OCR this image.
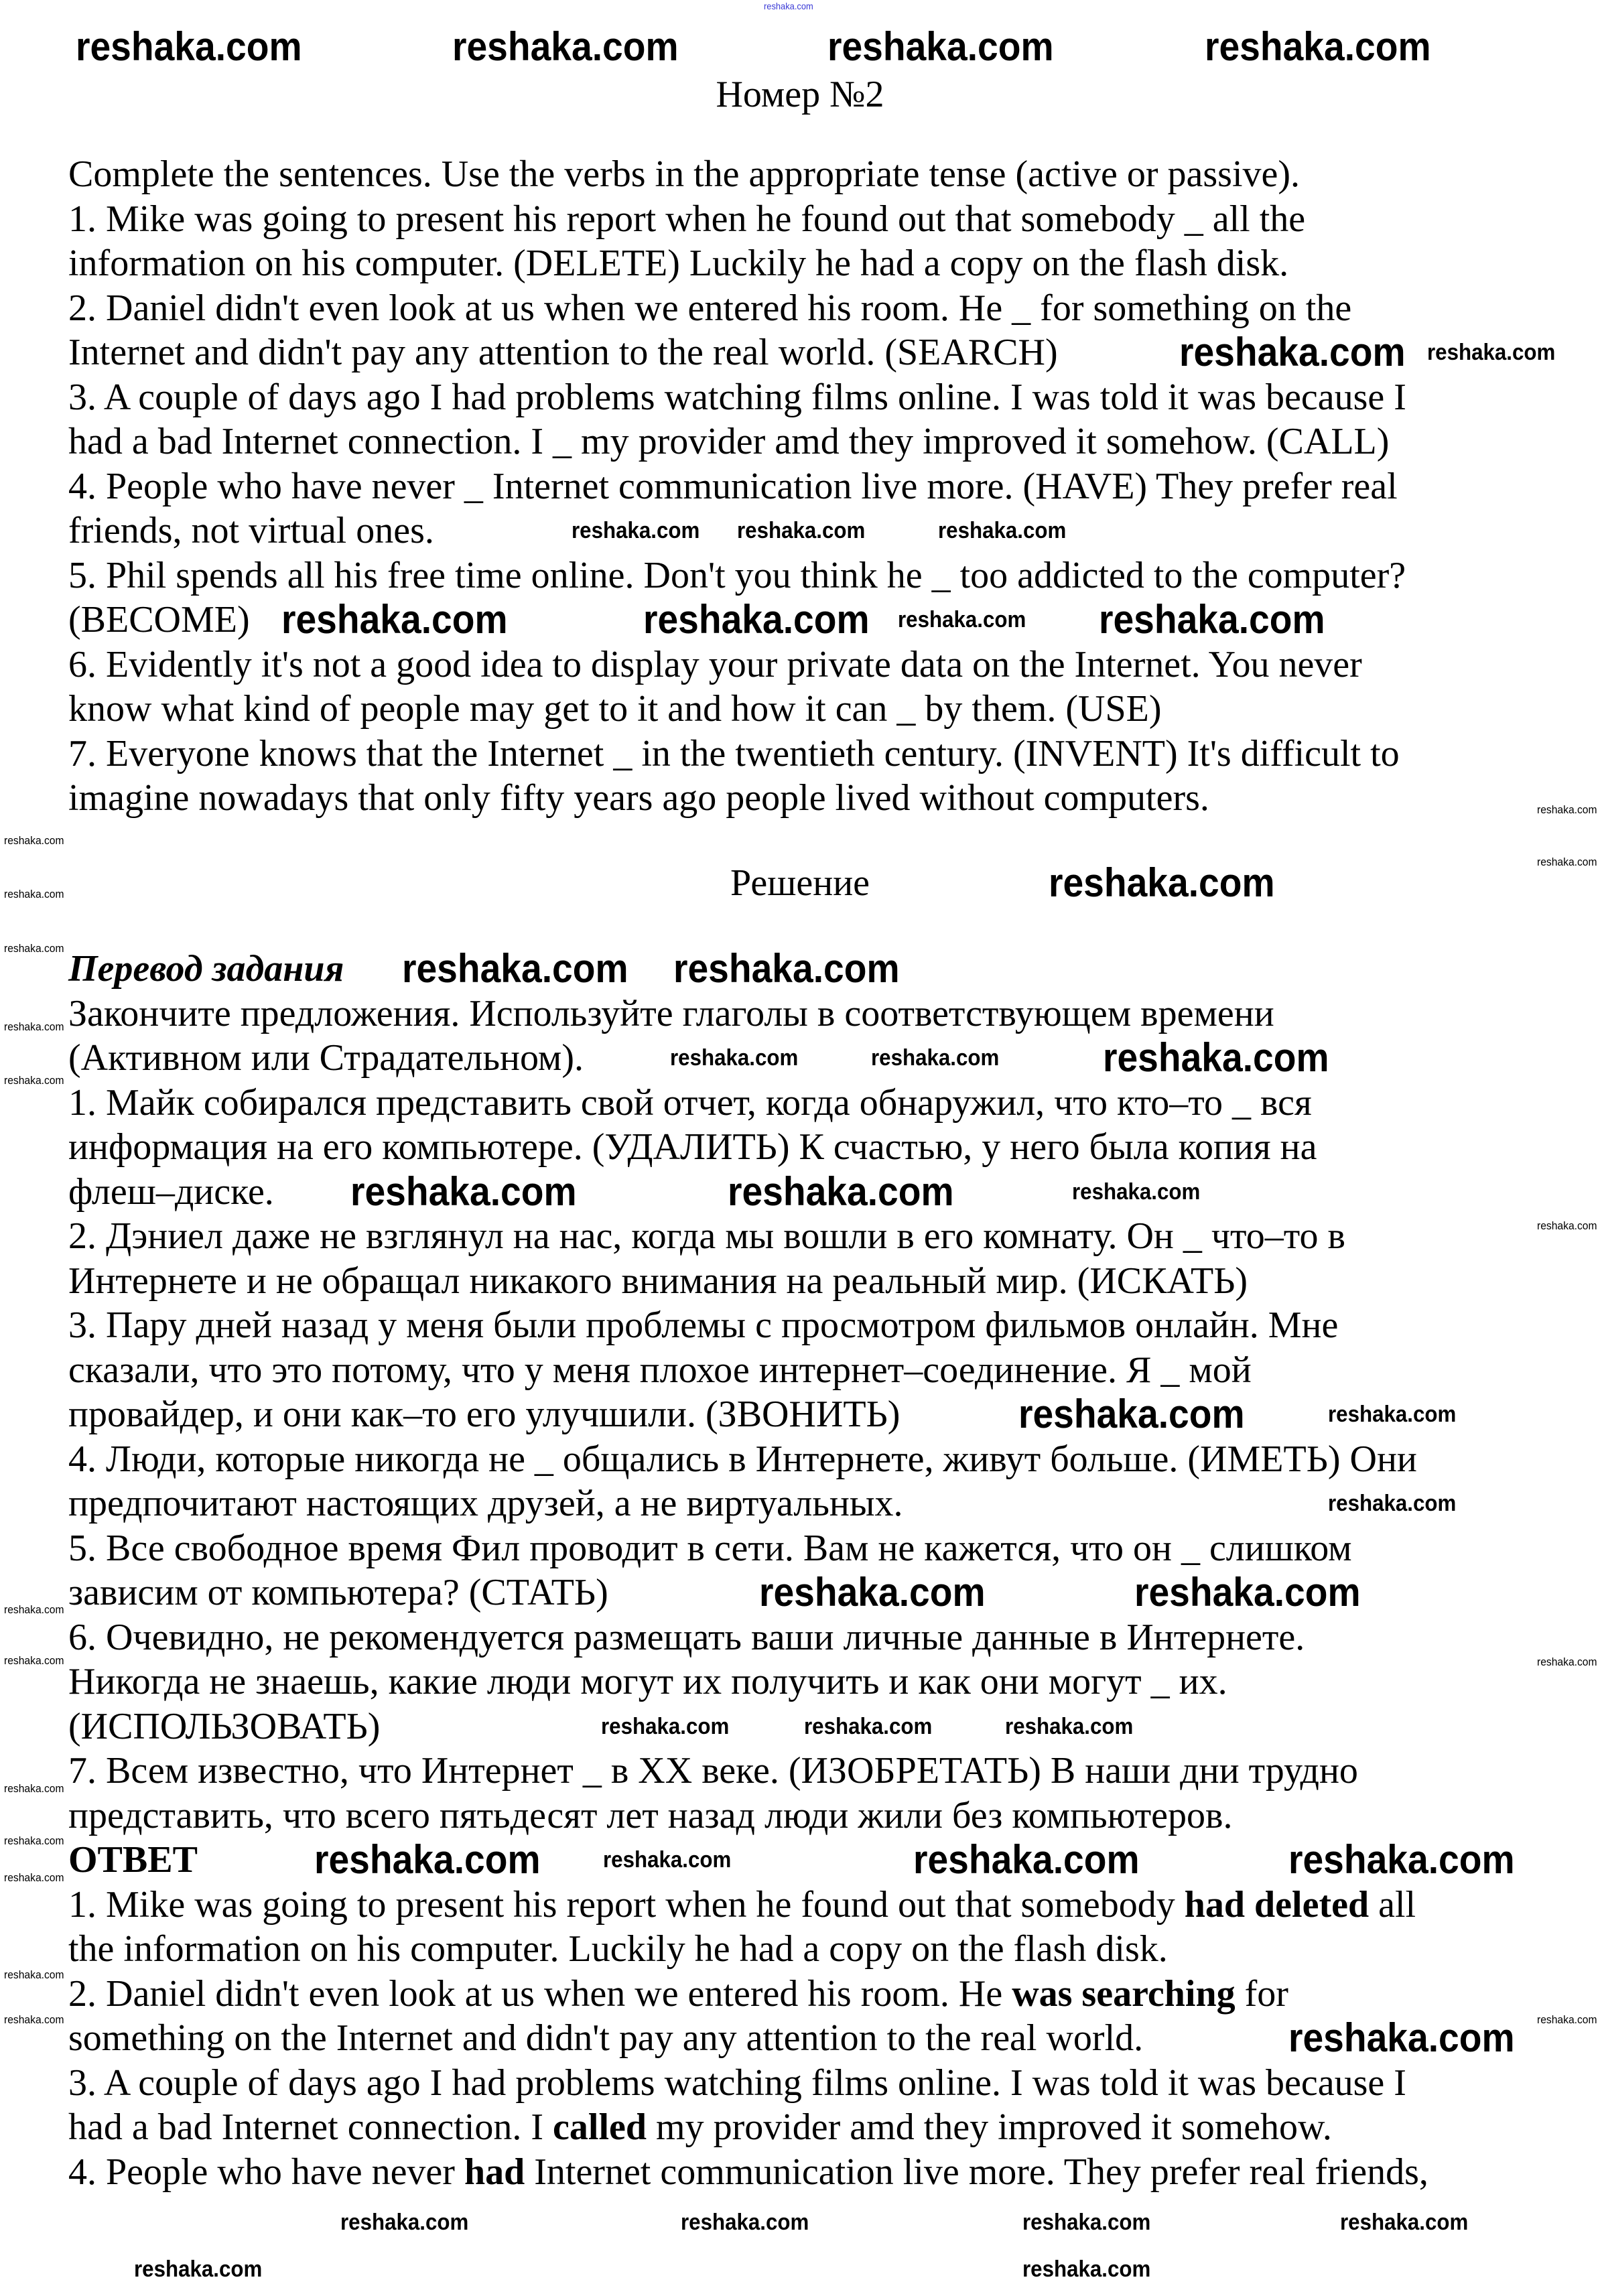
Номер №2
Complete the sentences. Use the verbs in the appropriate tense (active or passive).
1. Mike was going to present his report when he found out that somebody _ all the
information on his computer. (DELETE) Luckily he had a copy on the flash disk.
2. Daniel didn't even look at us when we entered his room. He _ for something on the
Internet and didn't pay any attention to the real world. (SEARCH)
3. A couple of days ago I had problems watching films online. I was told it was because I
had a bad Internet connection. I _ my provider amd they improved it somehow. (CALL)
4. People who have never _ Internet communication live more. (HAVE) They prefer real
friends, not virtual ones.
5. Phil spends all his free time online. Don't you think he _ too addicted to the computer?
(BECOME)
6. Evidently it's not a good idea to display your private data on the Internet. You never
know what kind of people may get to it and how it can _ by them. (USE)
7. Everyone knows that the Internet _ in the twentieth century. (INVENT) It's difficult to
imagine nowadays that only fifty years ago people lived without computers.
Решение
Перевод задания
Закончите предложения. Используйте глаголы в соответствующем времени
(Активном или Страдательном).
1. Майк собирался представить свой отчет, когда обнаружил, что кто–то _ вся
информация на его компьютере. (УДАЛИТЬ) К счастью, у него была копия на
флеш–диске.
2. Дэниел даже не взглянул на нас, когда мы вошли в его комнату. Он _ что–то в
Интернете и не обращал никакого внимания на реальный мир. (ИСКАТЬ)
3. Пару дней назад у меня были проблемы с просмотром фильмов онлайн. Мне
сказали, что это потому, что у меня плохое интернет–соединение. Я _ мой
провайдер, и они как–то его улучшили. (ЗВОНИТЬ)
4. Люди, которые никогда не _ общались в Интернете, живут больше. (ИМЕТЬ) Они
предпочитают настоящих друзей, а не виртуальных.
5. Все свободное время Фил проводит в сети. Вам не кажется, что он _ слишком
зависим от компьютера? (СТАТЬ)
6. Очевидно, не рекомендуется размещать ваши личные данные в Интернете.
Никогда не знаешь, какие люди могут их получить и как они могут _ их.
(ИСПОЛЬЗОВАТЬ)
7. Всем известно, что Интернет _ в XX веке. (ИЗОБРЕТАТЬ) В наши дни трудно
представить, что всего пятьдесят лет назад люди жили без компьютеров.
ОТВЕТ
1. Mike was going to present his report when he found out that somebody had deleted all
the information on his computer. Luckily he had a copy on the flash disk.
2. Daniel didn't even look at us when we entered his room. He was searching for
something on the Internet and didn't pay any attention to the real world.
3. A couple of days ago I had problems watching films online. I was told it was because I
had a bad Internet connection. I called my provider amd they improved it somehow.
4. People who have never had Internet communication live more. They prefer real friends,
reshaka.com
reshaka.com	reshaka.com	reshaka.com	reshaka.com
reshaka.com
reshaka.com	reshaka.com	reshaka.com
reshaka.com
reshaka.com reshaka.com
reshaka.com
reshaka.com
reshaka.com
reshaka.com
reshaka.com	reshaka.com
reshaka.com	reshaka.com	reshaka.com
reshaka.com
reshaka.com
reshaka.com
reshaka.com
reshaka.com
reshaka.com	reshaka.com
reshaka.com
reshaka.com
reshaka.com
reshaka.com
reshaka.com
reshaka.com
reshaka.com	reshaka.com
reshaka.com
reshaka.com
reshaka.com
reshaka.com
reshaka.com
reshaka.com
reshaka.com
reshaka.com
reshaka.com
reshaka.com
reshaka.com
reshaka.com
reshaka.com
reshaka.com
reshaka.com	reshaka.com
reshaka.com
reshaka.com
reshaka.com
reshaka.com
reshaka.com	reshaka.com
reshaka.com
